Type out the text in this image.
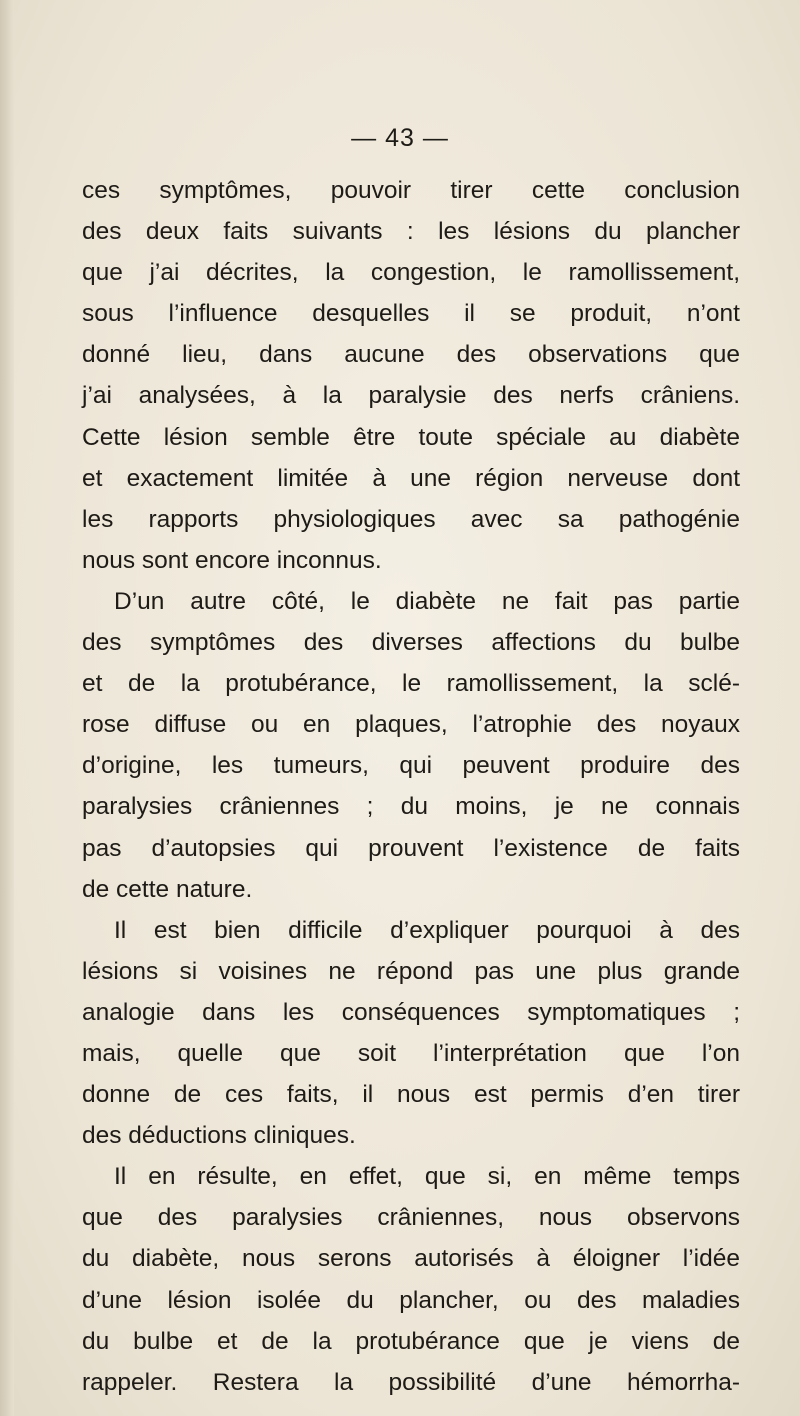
— 43 —
ces symptômes, pouvoir tirer cette conclusion
des deux faits suivants : les lésions du plancher
que j’ai décrites, la congestion, le ramollissement,
sous l’influence desquelles il se produit, n’ont
donné lieu, dans aucune des observations que
j’ai analysées, à la paralysie des nerfs crâniens.
Cette lésion semble être toute spéciale au diabète
et exactement limitée à une région nerveuse dont
les rapports physiologiques avec sa pathogénie
nous sont encore inconnus.
D’un autre côté, le diabète ne fait pas partie
des symptômes des diverses affections du bulbe
et de la protubérance, le ramollissement, la sclé-
rose diffuse ou en plaques, l’atrophie des noyaux
d’origine, les tumeurs, qui peuvent produire des
paralysies crâniennes ; du moins, je ne connais
pas d’autopsies qui prouvent l’existence de faits
de cette nature.
Il est bien difficile d’expliquer pourquoi à des
lésions si voisines ne répond pas une plus grande
analogie dans les conséquences symptomatiques ;
mais, quelle que soit l’interprétation que l’on
donne de ces faits, il nous est permis d’en tirer
des déductions cliniques.
Il en résulte, en effet, que si, en même temps
que des paralysies crâniennes, nous observons
du diabète, nous serons autorisés à éloigner l’idée
d’une lésion isolée du plancher, ou des maladies
du bulbe et de la protubérance que je viens de
rappeler. Restera la possibilité d’une hémorrha-
